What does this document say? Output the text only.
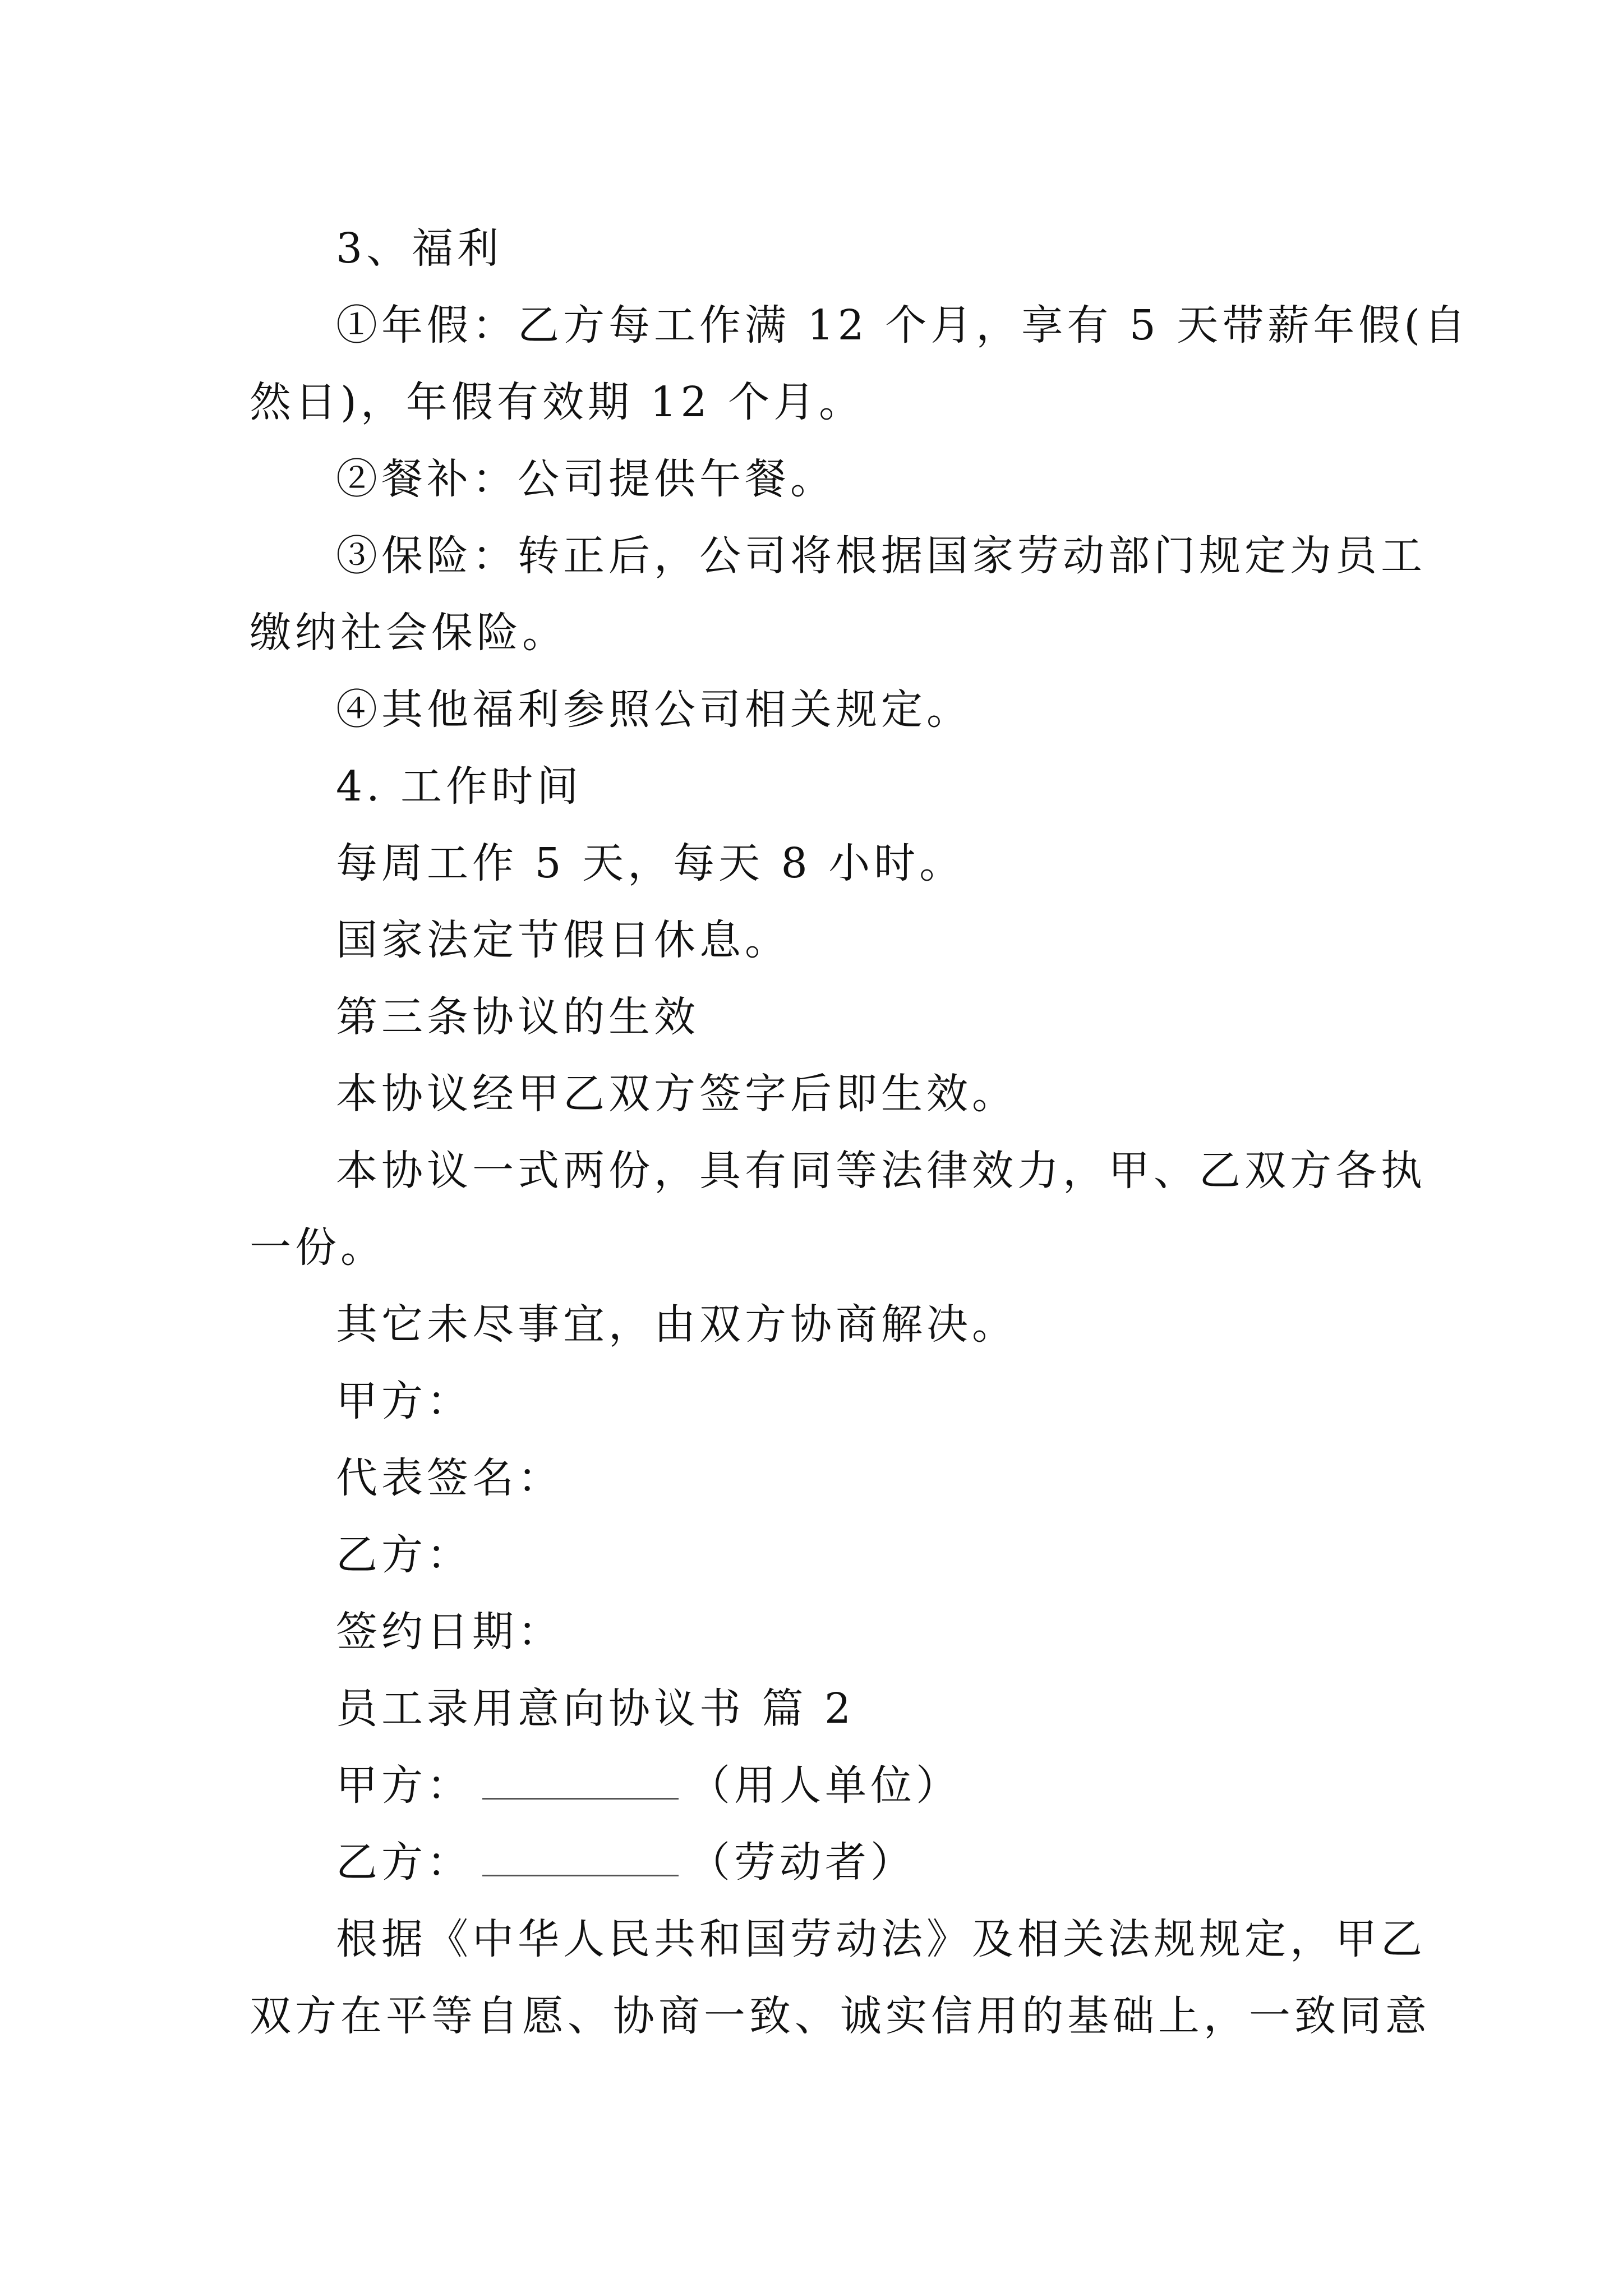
3、福利
①年假：乙方每工作满 12 个月，享有 5 天带薪年假(自
然日)，年假有效期 12 个月。
②餐补：公司提供午餐。
③保险：转正后，公司将根据国家劳动部门规定为员工
缴纳社会保险。
④其他福利参照公司相关规定。
4. 工作时间
每周工作 5 天，每天 8 小时。
国家法定节假日休息。
第三条协议的生效
本协议经甲乙双方签字后即生效。
本协议一式两份，具有同等法律效力，甲、乙双方各执
一份。
其它未尽事宜，由双方协商解决。
甲方：
代表签名：
乙方：
签约日期：
员工录用意向协议书 篇 2
甲方：	（用人单位）
乙方：	（劳动者）
根据《中华人民共和国劳动法》及相关法规规定，甲乙
双方在平等自愿、协商一致、诚实信用的基础上，一致同意
